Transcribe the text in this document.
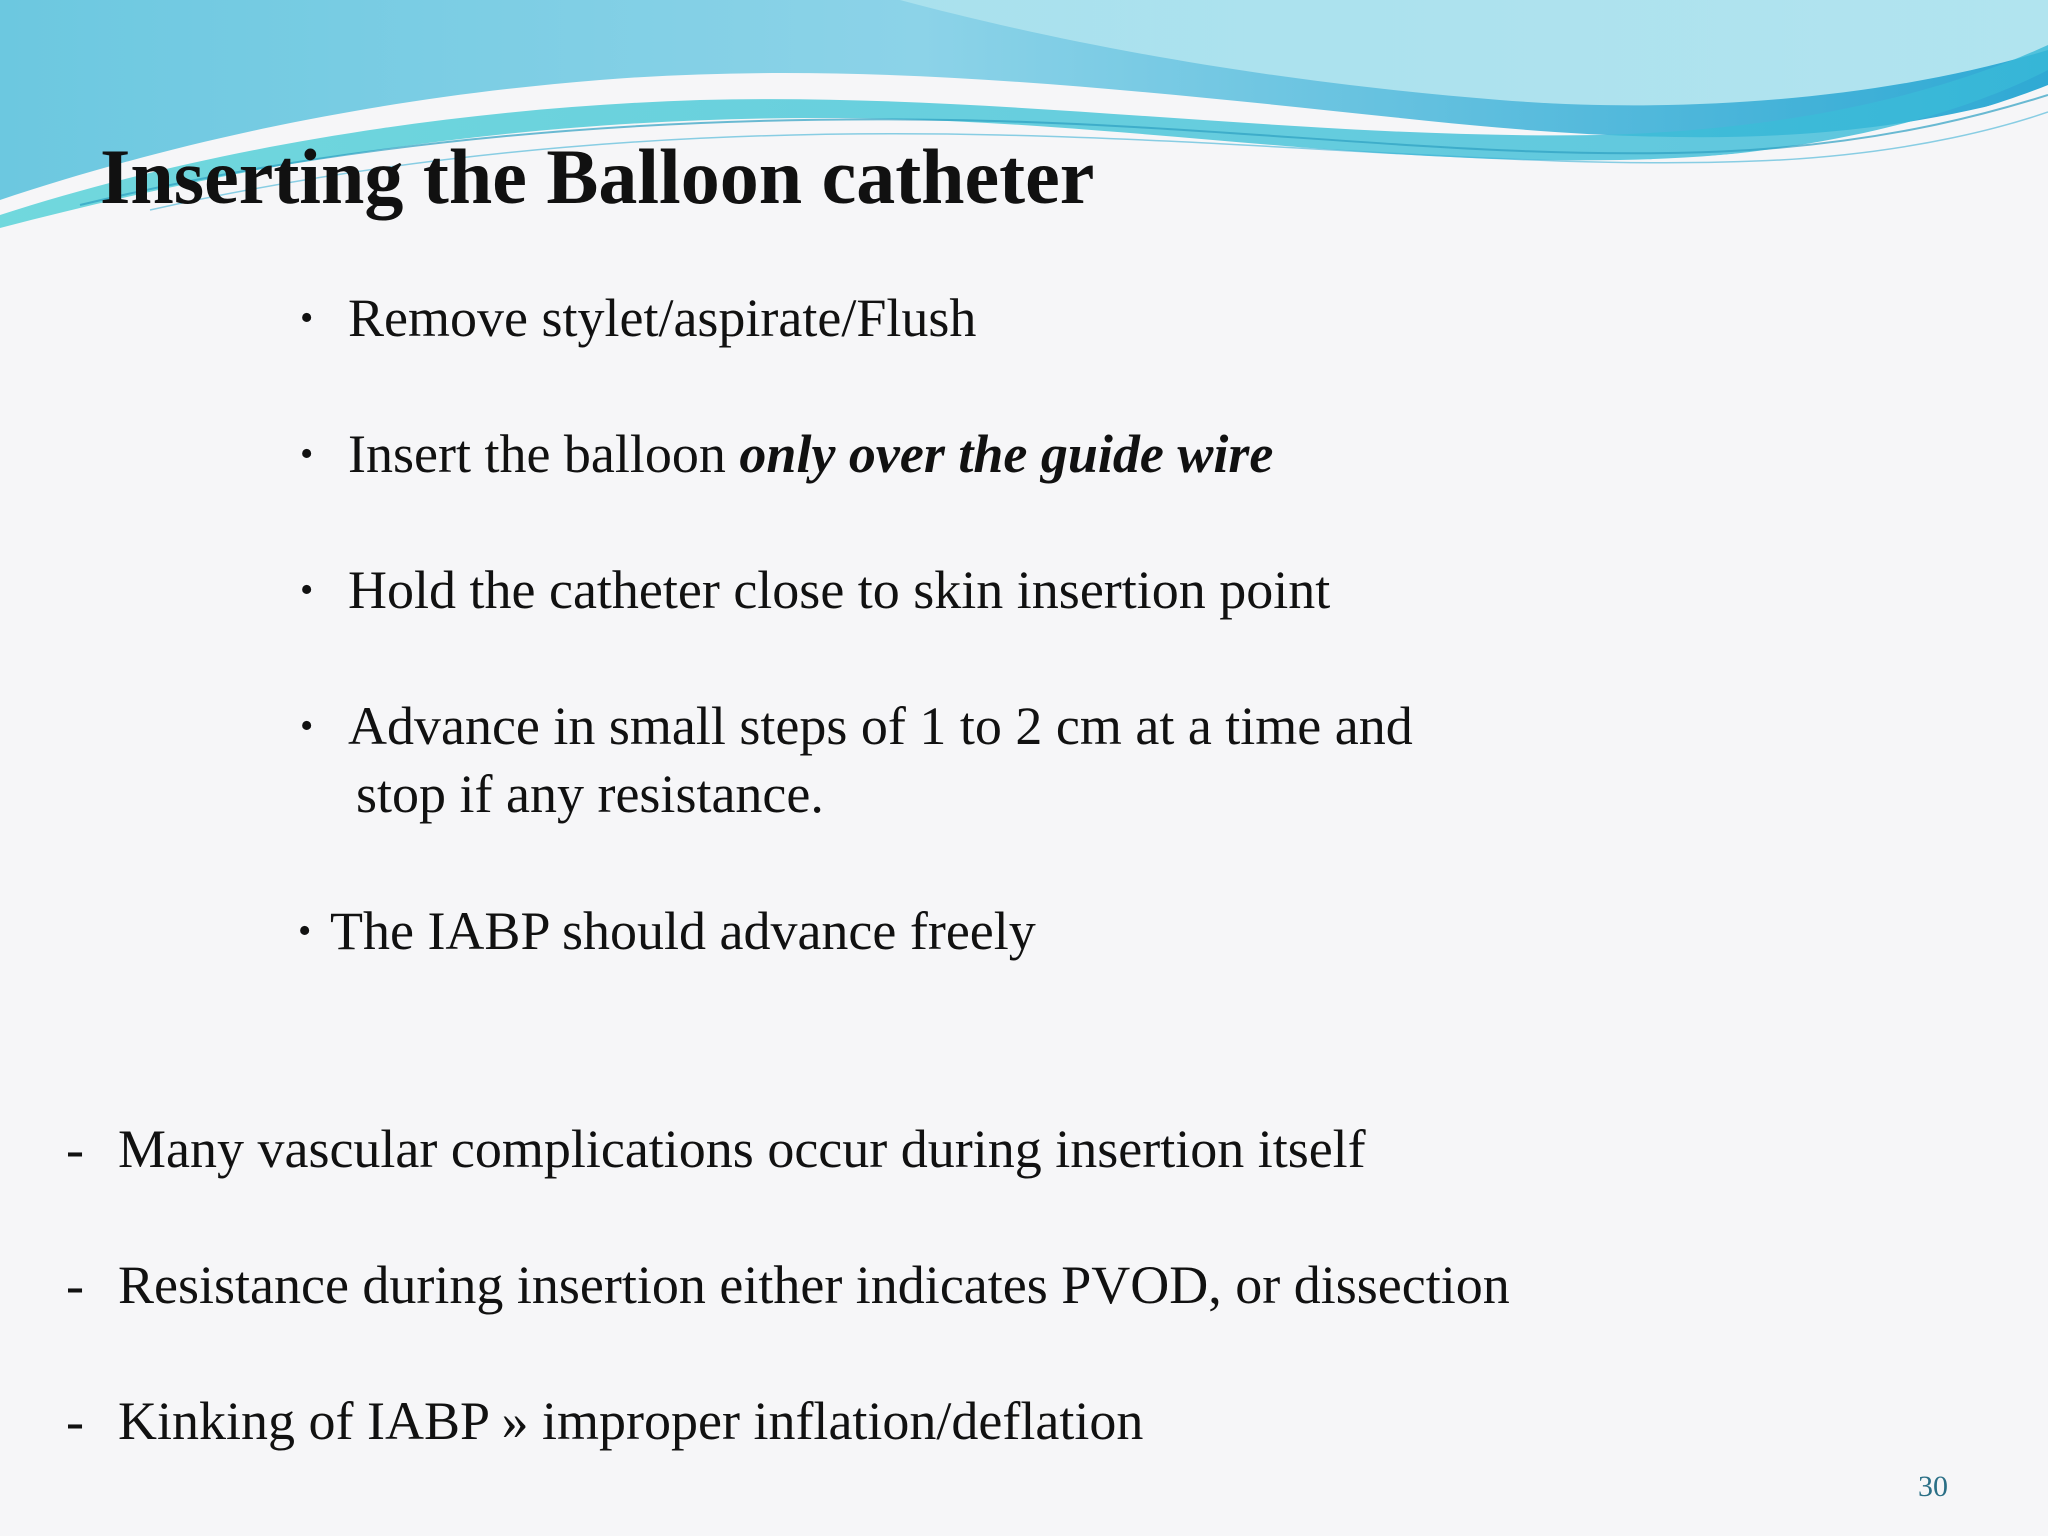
Inserting the Balloon catheter
• Remove stylet/aspirate/Flush
• Insert the balloon only over the guide wire
• Hold the catheter close to skin insertion point
• Advance in small steps of 1 to 2 cm at a time and
stop if any resistance.
• The IABP should advance freely
- Many vascular complications occur during insertion itself
- Resistance during insertion either indicates PVOD, or dissection
- Kinking of IABP » improper inflation/deflation
30
